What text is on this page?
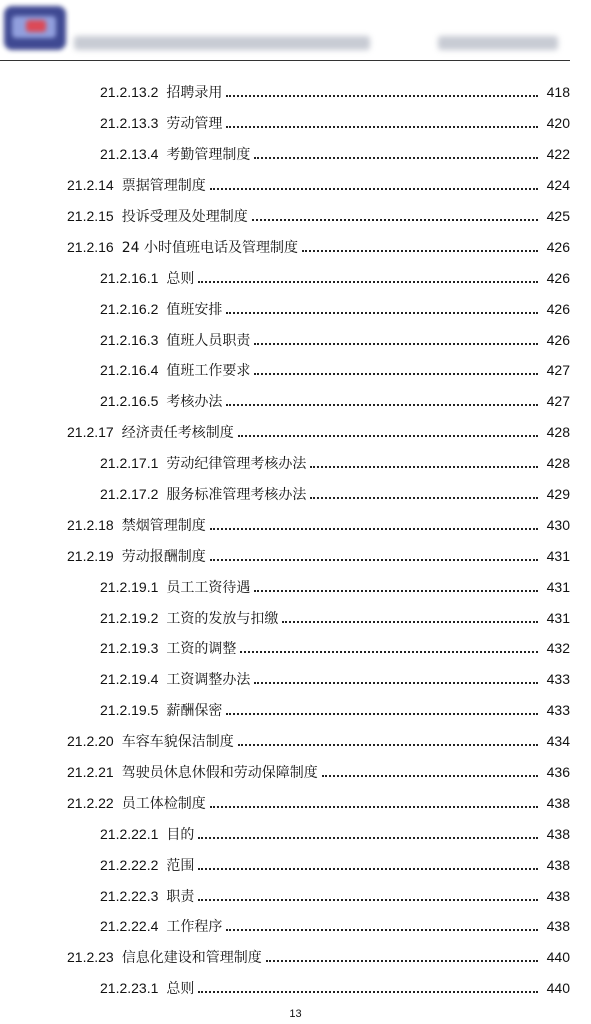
21.2.13.2 招聘录用	418
21.2.13.3 劳动管理	420
21.2.13.4 考勤管理制度	422
21.2.14 票据管理制度	424
21.2.15 投诉受理及处理制度	425
21.2.16 24 小时值班电话及管理制度	426
21.2.16.1 总则	426
21.2.16.2 值班安排	426
21.2.16.3 值班人员职责	426
21.2.16.4 值班工作要求	427
21.2.16.5 考核办法	427
21.2.17 经济责任考核制度	428
21.2.17.1 劳动纪律管理考核办法	428
21.2.17.2 服务标准管理考核办法	429
21.2.18 禁烟管理制度	430
21.2.19 劳动报酬制度	431
21.2.19.1 员工工资待遇	431
21.2.19.2 工资的发放与扣缴	431
21.2.19.3 工资的调整	432
21.2.19.4 工资调整办法	433
21.2.19.5 薪酬保密	433
21.2.20 车容车貌保洁制度	434
21.2.21 驾驶员休息休假和劳动保障制度	436
21.2.22 员工体检制度	438
21.2.22.1 目的	438
21.2.22.2 范围	438
21.2.22.3 职责	438
21.2.22.4 工作程序	438
21.2.23 信息化建设和管理制度	440
21.2.23.1 总则	440
13
